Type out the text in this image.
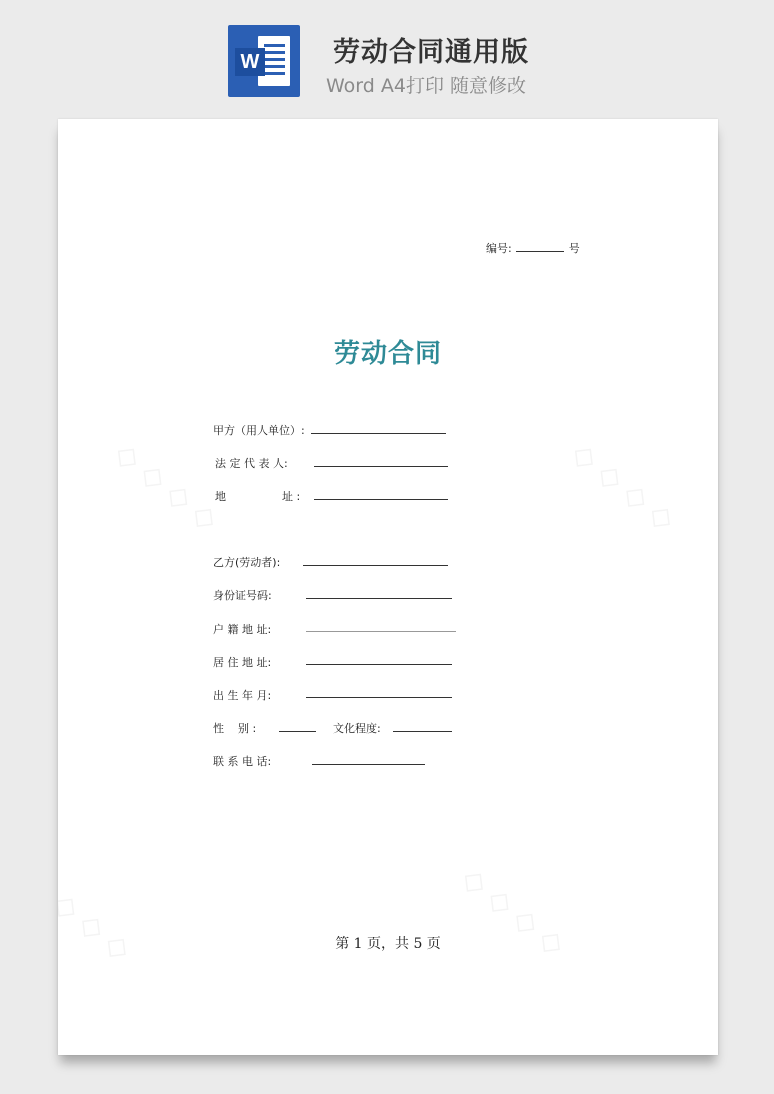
W	劳动合同通用版
Word A4打印 随意修改
编号:	号
劳动合同
甲方（用人单位）:
法 定 代 表 人:
地	址 :
乙方(劳动者):
身份证号码:
户 籍 地 址:
居 住 地 址:
出 生 年 月:
性    别 :	文化程度:
联 系 电 话:
第 1 页，共 5 页
